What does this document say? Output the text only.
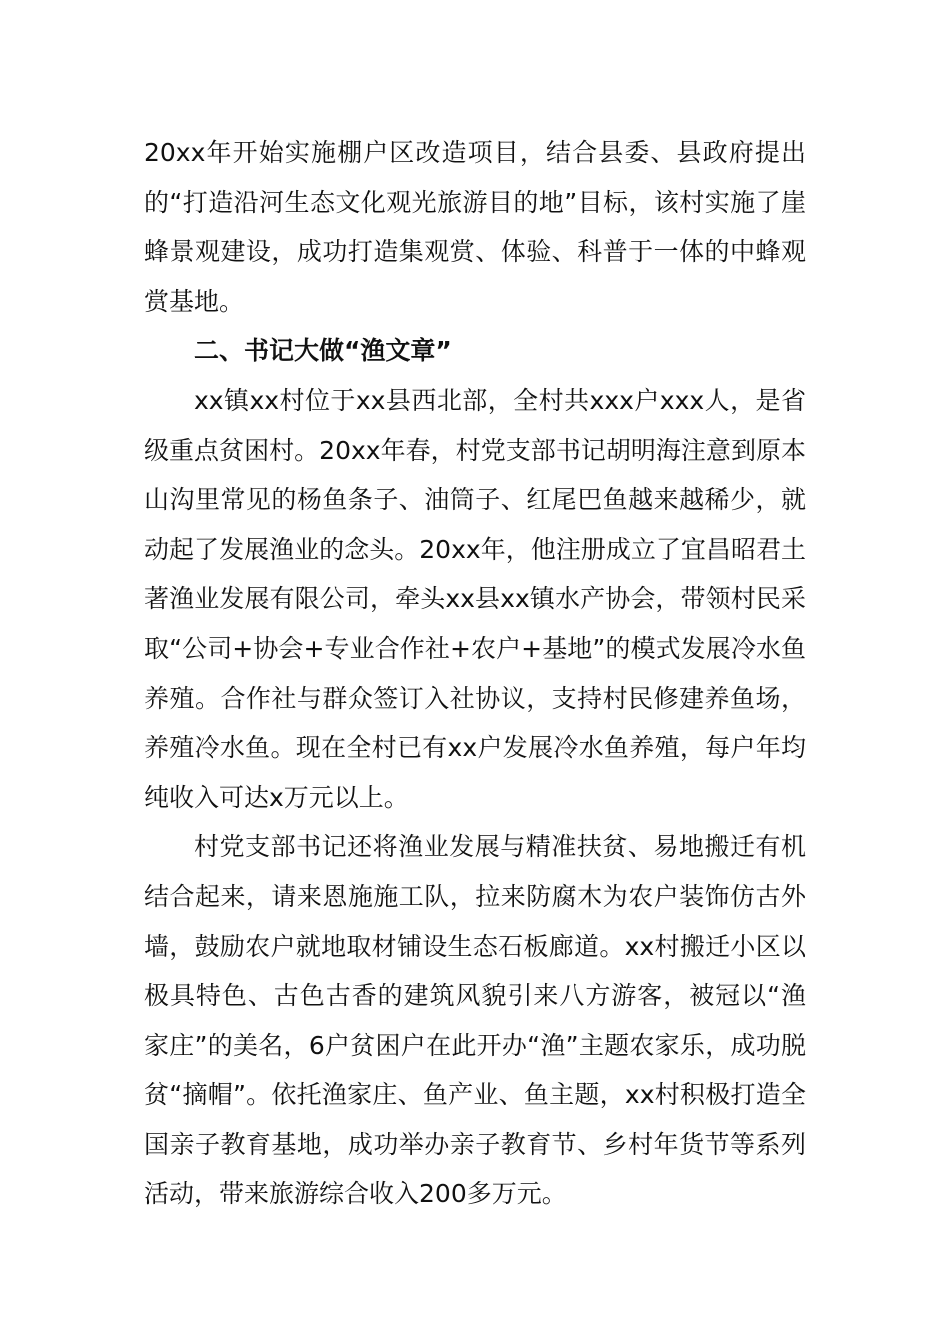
20xx年开始实施棚户区改造项目，结合县委、县政府提出的“打造沿河生态文化观光旅游目的地”目标，该村实施了崖蜂景观建设，成功打造集观赏、体验、科普于一体的中蜂观赏基地。

二、书记大做“渔文章”

xx镇xx村位于xx县西北部，全村共xxx户xxx人，是省级重点贫困村。20xx年春，村党支部书记胡明海注意到原本山沟里常见的杨鱼条子、油筒子、红尾巴鱼越来越稀少，就动起了发展渔业的念头。20xx年，他注册成立了宜昌昭君土著渔业发展有限公司，牵头xx县xx镇水产协会，带领村民采取“公司+协会+专业合作社+农户+基地”的模式发展冷水鱼养殖。合作社与群众签订入社协议，支持村民修建养鱼场，养殖冷水鱼。现在全村已有xx户发展冷水鱼养殖，每户年均纯收入可达x万元以上。

村党支部书记还将渔业发展与精准扶贫、易地搬迁有机结合起来，请来恩施施工队，拉来防腐木为农户装饰仿古外墙，鼓励农户就地取材铺设生态石板廊道。xx村搬迁小区以极具特色、古色古香的建筑风貌引来八方游客，被冠以“渔家庄”的美名，6户贫困户在此开办“渔”主题农家乐，成功脱贫“摘帽”。依托渔家庄、鱼产业、鱼主题，xx村积极打造全国亲子教育基地，成功举办亲子教育节、乡村年货节等系列活动，带来旅游综合收入200多万元。
